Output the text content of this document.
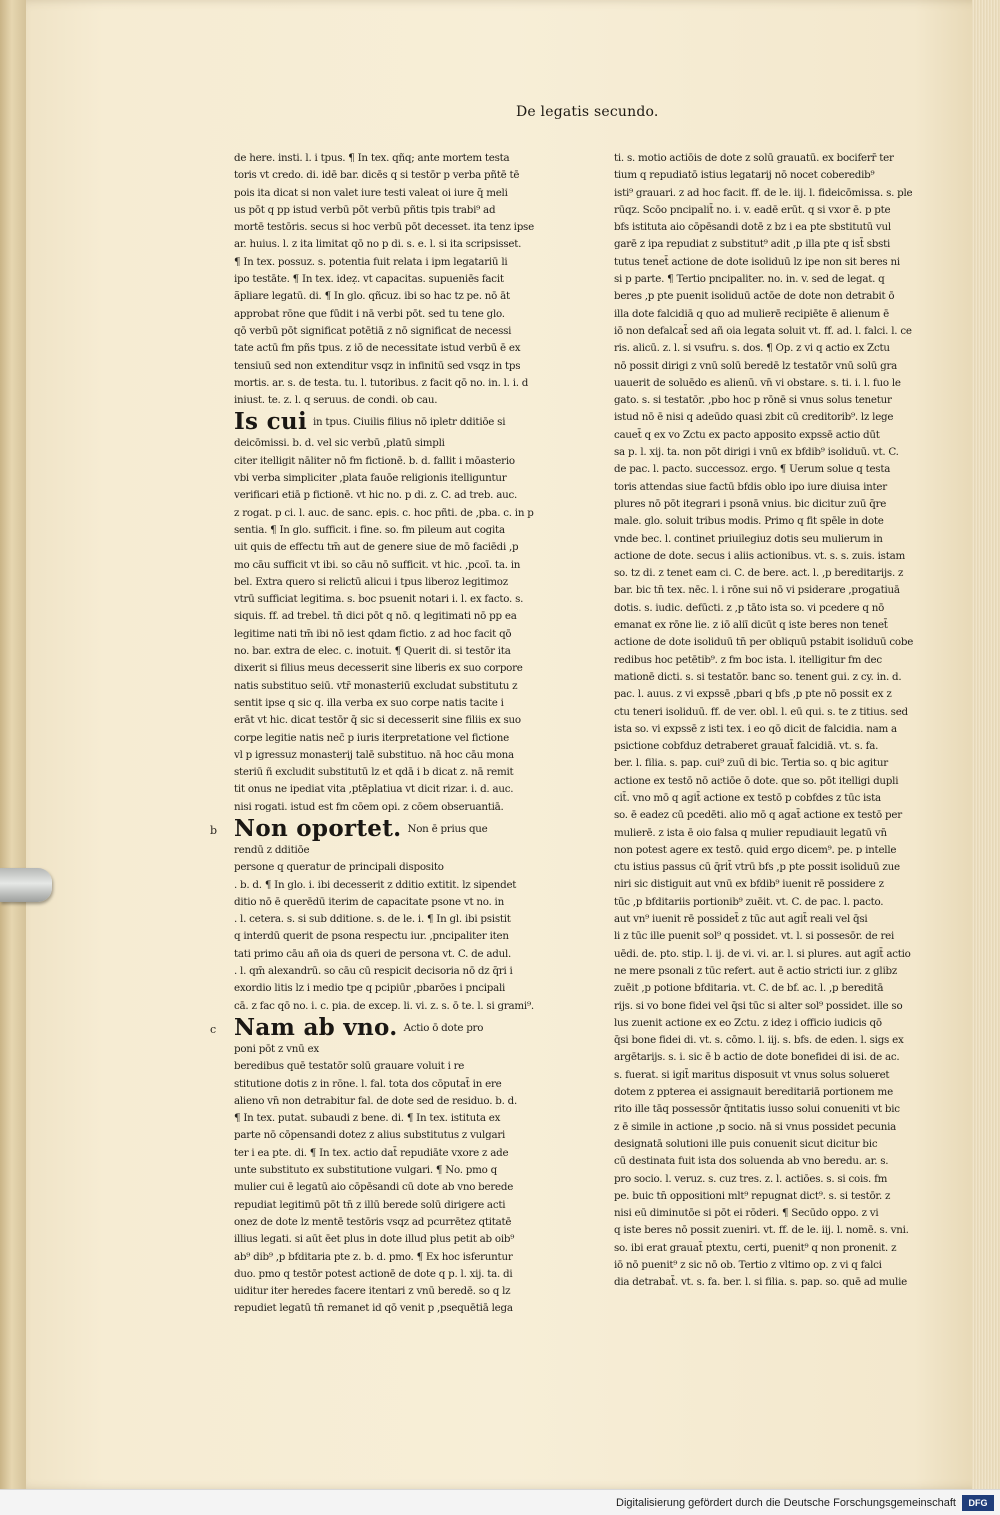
De legatis secundo.
de here. insti. l. i tpus. ¶ In tex. qñq; ante mortem testa
toris vt credo. di. idē bar. dicēs q si testōr p verba pñtē tē
pois ita dicat si non valet iure testi valeat oi iure q̄ meli
us pōt q pp istud verbū pōt verbū pñtis tpis trabi⁹ ad
mortē testōris. secus si hoc verbū pōt decesset. ita tenz ipse
ar. huius. l. z ita limitat qō no p di. s. e. l. si ita scripsisset.
¶ In tex. possuz. s. potentia fuit relata i ipm legatariū li
ipo testāte. ¶ In tex. ideẓ. vt capacitas. supueniēs facit
ãpliare legatū. di. ¶ In glo. qñcuz. ibi so hac tz pe. nō āt
approbat rōne que fūdit i nā verbi pōt. sed tu tene glo.
qō verbū pōt significat potētiā z nō significat de necessi
tate actū fm pñs tpus. z iō de necessitate istud verbū ē ex
tensiuū sed non extenditur vsqz in infinitū sed vsqz in tps
mortis. ar. s. de testa. tu. l. tutoribus. z facit qō no. in. l. i. d
iniust. te. z. l. q seruus. de condi. ob cau.
Is cui in tpus. Ciuilis filius nō ipletr dditiōe si
deicōmissi. b. d. vel sic verbū ,platū simpli
citer itelligit nāliter nō fm fictionē. b. d. fallit i mōasterio
vbi verba simpliciter ,plata fauōe religionis itelliguntur
verificari etiā p fictionē. vt hic no. p di. z. C. ad treb. auc.
z rogat. p ci. l. auc. de sanc. epis. c. hoc pñti. de ,pba. c. in p
sentia. ¶ In glo. sufficit. i fine. so. fm pileum aut cogita
uit quis de effectu tm̄ aut de genere siue de mō faciēdi ,p
mo cāu sufficit vt ibi. so cāu nō sufficit. vt hic. ,pcoī. ta. in
bel. Extra quero si relictū alicui i tpus liberoz legitimoz
vtrū sufficiat legitima. s. boc psuenit notari i. l. ex facto. s.
siquis. ff. ad trebel. tn̄ dici pōt q nō. q legitimati nō pp ea
legitime nati tm̄ ibi nō iest qdam fictio. z ad hoc facit qō
no. bar. extra de elec. c. inotuit. ¶ Querit di. si testōr ita
dixerit si filius meus decesserit sine liberis ex suo corpore
natis substituo seiū. vtr̄ monasteriū excludat substitutu z
sentit ipse q sic q. illa verba ex suo corpe natis tacite i
erāt vt hic. dicat testōr q̄ sic si decesserit sine filiis ex suo
corpe legitie natis nec̄ p iuris iterpretatione vel fictione
vl p igressuz monasterij talē substituo. nā hoc cāu mona
steriū ñ excludit substitutū lz et qdā i b dicat z. nā remit
tit onus ne ipediat vita ,ptēplatiua vt dicit rizar. i. d. auc.
nisi rogati. istud est fm cōem opi. z cōem obseruantiā.
Non oportet. Non ē prius que
rendū z dditiōe
persone q queratur de principali disposito
. b. d. ¶ In glo. i. ibi decesserit z dditio extitit. lz sipendet
ditio nō ē querēdū iterim de capacitate psone vt no. in
. l. cetera. s. si sub dditione. s. de le. i. ¶ In gl. ibi psistit
q interdū querit de psona respectu iur. ,pncipaliter iten
tati primo cāu añ oia ds queri de persona vt. C. de adul.
. l. qm̄ alexandrū. so cāu cū respicit decisoria nō dz q̄ri i
exordio litis lz i medio tpe q pcipiūr ,pbarōes i pncipali
cā. z fac qō no. i. c. pia. de excep. li. vi. z. s. ō te. l. si grami⁹.
Nam ab vno. Actio ō dote pro
poni pōt z vnū ex
beredibus quē testatōr solū grauare voluit i re
stitutione dotis z in rōne. l. fal. tota dos cōputat̄ in ere
alieno vn̄ non detrabitur fal. de dote sed de residuo. b. d.
¶ In tex. putat. subaudi z bene. di. ¶ In tex. istituta ex
parte nō cōpensandi dotez z alius substitutus z vulgari
ter i ea pte. di. ¶ In tex. actio dat̄ repudiāte vxore z ade
unte substituto ex substitutione vulgari. ¶ No. pmo q
mulier cui ē legatū aio cōpēsandi cū dote ab vno berede
repudiat legitimū pōt tn̄ z illū berede solū dirigere acti
onez de dote lz mentē testōris vsqz ad pcurrētez qtitatē
illius legati. si aūt ēet plus in dote illud plus petit ab oib⁹
ab⁹ dib⁹ ,p bfditaria pte z. b. d. pmo. ¶ Ex hoc isferuntur
duo. pmo q testōr potest actionē de dote q p. l. xij. ta. di
uiditur iter heredes facere itentari z vnū beredē. so q lz
repudiet legatū tn̄ remanet id qō venit p ,psequētiā lega
ti. s. motio actiōis de dote z solū grauatū. ex bociferr̄ ter
tium q repudiatō istius legatarij nō nocet coberedib⁹
isti⁹ grauari. z ad hoc facit. ff. de le. iij. l. fideicōmissa. s. ple
rūqz. Scōo pncipalit̄ no. i. v. eadē erūt. q si vxor ē. p pte
bfs istituta aio cōpēsandi dotē z bz i ea pte sbstitutū vul
garē z ipa repudiat z substitut⁹ adit ,p illa pte q ist̄ sbsti
tutus tenet̄ actione de dote isoliduū lz ipe non sit beres ni
si p parte. ¶ Tertio pncipaliter. no. in. v. sed de legat. q
beres ,p pte puenit isoliduū actōe de dote non detrabit ō
illa dote falcidiā q quo ad mulierē recipiēte ē alienum ē
iō non defalcat̄ sed añ oia legata soluit vt. ff. ad. l. falci. l. ce
ris. alicū. z. l. si vsufru. s. dos. ¶ Op. z vi q actio ex Zctu
nō possit dirigi z vnū solū beredē lz testatōr vnū solū gra
uauerit de soluēdo es alienū. vn̄ vi obstare. s. ti. i. l. fuo le
gato. s. si testatōr. ,pbo hoc p rōnē si vnus solus tenetur
istud nō ē nisi q adeūdo quasi zbit cū creditorib⁹. lz lege
cauet̄ q ex vo Zctu ex pacto apposito expssē actio dūt
sa p. l. xij. ta. non pōt dirigi i vnū ex bfdib⁹ isoliduū. vt. C.
de pac. l. pacto. successoz. ergo. ¶ Uerum solue q testa
toris attendas siue factū bfdis oblo ipo iure diuisa inter
plures nō pōt itegrari i psonā vnius. bic dicitur zuū q̄re
male. glo. soluit tribus modis. Primo q fit spēle in dote
vnde bec. l. continet priuilegiuz dotis seu mulierum in
actione de dote. secus i aliis actionibus. vt. s. s. zuis. istam
so. tz di. z tenet eam ci. C. de bere. act. l. ,p bereditarijs. z
bar. bic tn̄ tex. nēc. l. i rōne sui nō vi psiderare ,progatiuā
dotis. s. iudic. defūcti. z ,p tāto ista so. vi pcedere q nō
emanat ex rōne lie. z iō aliī dicūt q iste beres non tenet̄
actione de dote isoliduū tn̄ per obliquū pstabit isoliduū cobe
redibus hoc petētib⁹. z fm boc ista. l. itelligitur fm dec
mationē dicti. s. si testatōr. banc so. tenent gui. z cy. in. d.
pac. l. auus. z vi expssē ,pbari q bfs ,p pte nō possit ex z
ctu teneri isoliduū. ff. de ver. obl. l. eū qui. s. te z titius. sed
ista so. vi expssē z isti tex. i eo qō dicit de falcidia. nam a
psictione cobfduz detraberet grauat̄ falcidiā. vt. s. fa.
ber. l. filia. s. pap. cui⁹ zuū di bic. Tertia so. q bic agitur
actione ex testō nō actiōe ō dote. que so. pōt itelligi dupli
cit̄. vno mō q agit̄ actione ex testō p cobfdes z tūc ista
so. ē eadez cū pcedēti. alio mō q agat̄ actione ex testō per
mulierē. z ista ē oio falsa q mulier repudiauit legatū vn̄
non potest agere ex testō. quid ergo dicem⁹. pe. p intelle
ctu istius passus cū q̄rit̄ vtrū bfs ,p pte possit isoliduū zue
niri sic distiguit aut vnū ex bfdib⁹ iuenit rē possidere z
tūc ,p bfditariis portionib⁹ zuēit. vt. C. de pac. l. pacto.
aut vn⁹ iuenit rē possidet̄ z tūc aut agit̄ reali vel q̄si
li z tūc ille puenit sol⁹ q possidet. vt. l. si possesōr. de rei
uēdi. de. pto. stip. l. ij. de vi. vi. ar. l. si plures. aut agit̄ actio
ne mere psonali z tūc refert. aut ē actio stricti iur. z glibz
zuēit ,p potione bfditaria. vt. C. de bf. ac. l. ,p bereditā
rijs. si vo bone fidei vel q̄si tūc si alter sol⁹ possidet. ille so
lus zuenit actione ex eo Zctu. z ideẓ i officio iudicis qō
q̄si bone fidei di. vt. s. cōmo. l. iij. s. bfs. de eden. l. sigs ex
argētarijs. s. i. sic ē b actio de dote bonefidei di isi. de ac.
s. fuerat. si igit̄ maritus disposuit vt vnus solus solueret
dotem z ppterea ei assignauit bereditariā portionem me
rito ille tāq possessōr q̄ntitatis iusso solui conueniti vt bic
z ē simile in actione ,p socio. nā si vnus possidet pecunia
designatā solutioni ille puis conuenit sicut dicitur bic
cū destinata fuit ista dos soluenda ab vno beredu. ar. s.
pro socio. l. veruz. s. cuz tres. z. l. actiōes. s. si cois. fm
pe. buic tn̄ oppositioni mlt⁹ repugnat dict⁹. s. si testōr. z
nisi eū diminutōe si pōt ei rōderi. ¶ Secūdo oppo. z vi
q iste beres nō possit zueniri. vt. ff. de le. iij. l. nomē. s. vni.
so. ibi erat grauat̄ ptextu, certi, puenit⁹ q non pronenit. z
iō nō puenit⁹ z sic nō ob. Tertio z vltimo op. z vi q falci
dia detrabat̄. vt. s. fa. ber. l. si filia. s. pap. so. quē ad mulie
Digitalisierung gefördert durch die Deutsche Forschungsgemeinschaft	DFG
b
c
